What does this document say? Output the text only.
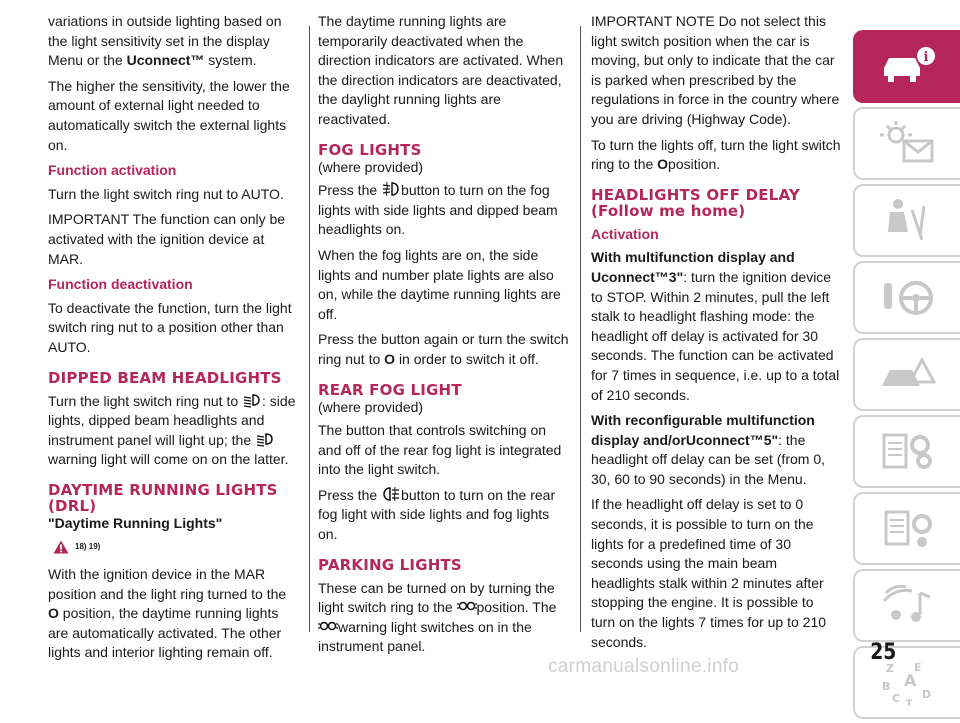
variations in outside lighting based on the light sensitivity set in the display Menu or the Uconnect™ system.

The higher the sensitivity, the lower the amount of external light needed to automatically switch the external lights on.

Function activation

Turn the light switch ring nut to AUTO.

IMPORTANT The function can only be activated with the ignition device at MAR.

Function deactivation

To deactivate the function, turn the light switch ring nut to a position other than AUTO.

DIPPED BEAM HEADLIGHTS

Turn the light switch ring nut to : side lights, dipped beam headlights and instrument panel will light up; the  warning light will come on on the latter.

DAYTIME RUNNING LIGHTS (DRL)
"Daytime Running Lights"
18) 19)

With the ignition device in the MAR position and the light ring turned to the
O position, the daytime running lights are automatically activated. The other lights and interior lighting remain off.

The daytime running lights are temporarily deactivated when the direction indicators are activated. When the direction indicators are deactivated, the daylight running lights are reactivated.

FOG LIGHTS
(where provided)

Press the button to turn on the fog lights with side lights and dipped beam headlights on.

When the fog lights are on, the side lights and number plate lights are also on, while the daytime running lights are off.

Press the button again or turn the switch ring nut to O in order to switch it off.

REAR FOG LIGHT
(where provided)

The button that controls switching on and off of the rear fog light is integrated into the light switch.

Press the button to turn on the rear fog light with side lights and fog lights on.

PARKING LIGHTS

These can be turned on by turning the light switch ring to the position. The warning light switches on in the instrument panel.

IMPORTANT NOTE Do not select this light switch position when the car is moving, but only to indicate that the car is parked when prescribed by the regulations in force in the country where you are driving (Highway Code).

To turn the lights off, turn the light switch ring to the Oposition.

HEADLIGHTS OFF DELAY (Follow me home)
Activation

With multifunction display and Uconnect™3": turn the ignition device to STOP. Within 2 minutes, pull the left stalk to headlight flashing mode: the headlight off delay is activated for 30 seconds. The function can be activated for 7 times in sequence, i.e. up to a total of 210 seconds.

With reconfigurable multifunction display and/orUconnect™5": the headlight off delay can be set (from 0, 30, 60 to 90 seconds) in the Menu.

If the headlight off delay is set to 0 seconds, it is possible to turn on the lights for a predefined time of 30 seconds using the main beam headlights stalk within 2 minutes after stopping the engine. It is possible to turn on the lights 7 times for up to 210 seconds.

i
Z E
A
B
C D
T
25
carmanualsonline.info
